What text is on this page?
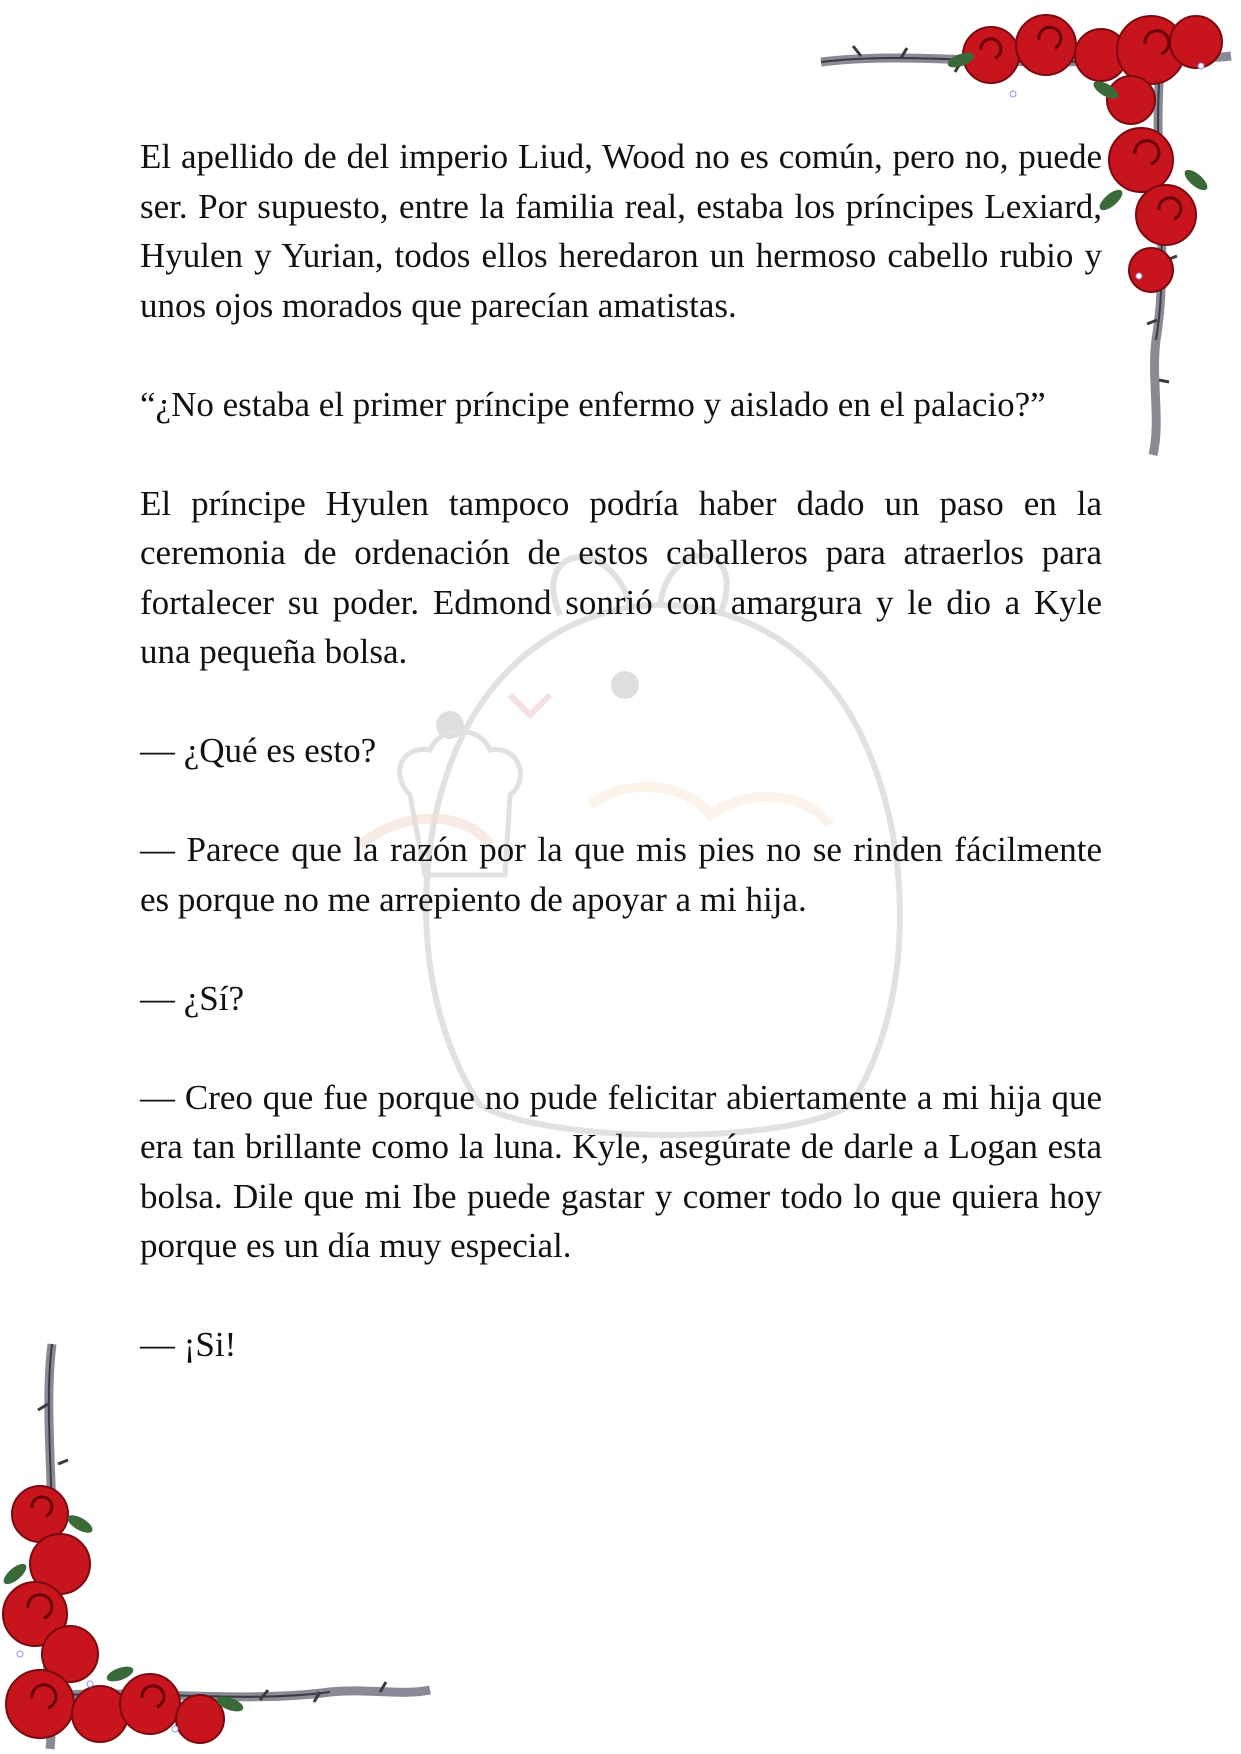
El apellido de del imperio Liud, Wood no es común, pero no, puede ser. Por supuesto, entre la familia real, estaba los príncipes Lexiard, Hyulen y Yurian, todos ellos heredaron un hermoso cabello rubio y unos ojos morados que parecían amatistas.

“¿No estaba el primer príncipe enfermo y aislado en el palacio?”

El príncipe Hyulen tampoco podría haber dado un paso en la ceremonia de ordenación de estos caballeros para atraerlos para fortalecer su poder. Edmond sonrió con amargura y le dio a Kyle una pequeña bolsa.

— ¿Qué es esto?

— Parece que la razón por la que mis pies no se rinden fácilmente es porque no me arrepiento de apoyar a mi hija.

— ¿Sí?

— Creo que fue porque no pude felicitar abiertamente a mi hija que era tan brillante como la luna. Kyle, asegúrate de darle a Logan esta bolsa. Dile que mi Ibe puede gastar y comer todo lo que quiera hoy porque es un día muy especial.

— ¡Si!
